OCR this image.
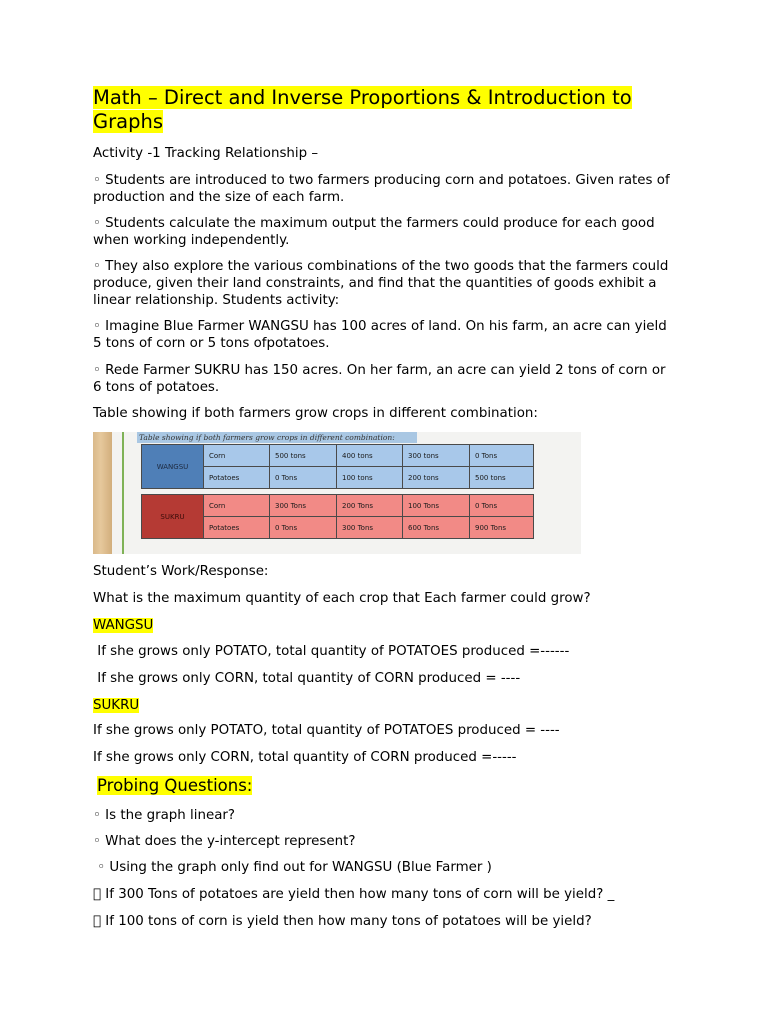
Math – Direct and Inverse Proportions & Introduction to Graphs
Activity -1 Tracking Relationship –
◦ Students are introduced to two farmers producing corn and potatoes. Given rates of production and the size of each farm.
◦ Students calculate the maximum output the farmers could produce for each good when working independently.
◦ They also explore the various combinations of the two goods that the farmers could produce, given their land constraints, and find that the quantities of goods exhibit a linear relationship. Students activity:
◦ Imagine Blue Farmer WANGSU has 100 acres of land. On his farm, an acre can yield 5 tons of corn or 5 tons ofpotatoes.
◦ Rede Farmer SUKRU has 150 acres. On her farm, an acre can yield 2 tons of corn or 6 tons of potatoes.
Table showing if both farmers grow crops in different combination:
Table showing if both farmers grow crops in different combination:
WANGSU	Corn	500 tons	400 tons	300 tons	0 Tons
	Potatoes	0 Tons	100 tons	200 tons	500 tons
SUKRU	Corn	300 Tons	200 Tons	100 Tons	0 Tons
	Potatoes	0 Tons	300 Tons	600 Tons	900 Tons
Student’s Work/Response:
What is the maximum quantity of each crop that Each farmer could grow?
WANGSU
If she grows only POTATO, total quantity of POTATOES produced =------
If she grows only CORN, total quantity of CORN produced = ----
SUKRU
If she grows only POTATO, total quantity of POTATOES produced = ----
If she grows only CORN, total quantity of CORN produced =-----
Probing Questions:
◦ Is the graph linear?
◦ What does the y-intercept represent?
◦ Using the graph only find out for WANGSU (Blue Farmer )
If 300 Tons of potatoes are yield then how many tons of corn will be yield? _
If 100 tons of corn is yield then how many tons of potatoes will be yield?
